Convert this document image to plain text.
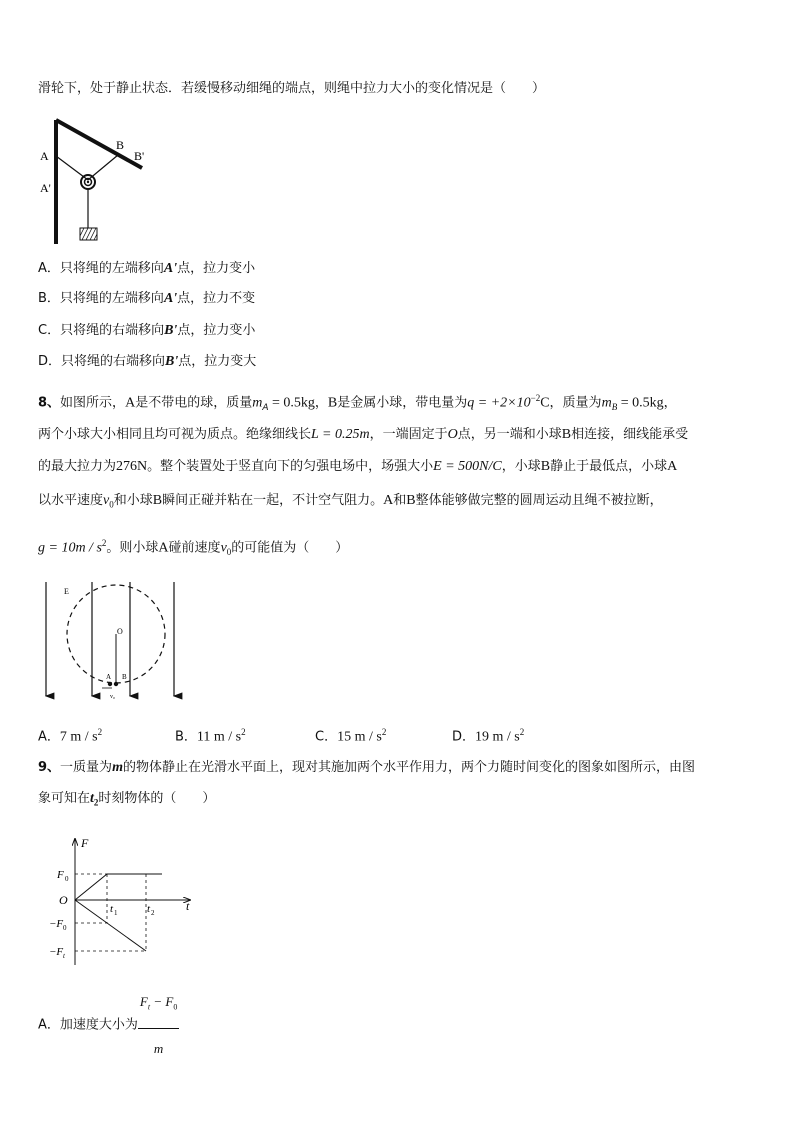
滑轮下，处于静止状态．若缓慢移动细绳的端点，则绳中拉力大小的变化情况是（　　）
A
A'
B
B'
A．只将绳的左端移向A'点，拉力变小
B．只将绳的左端移向A'点，拉力不变
C．只将绳的右端移向B'点，拉力变小
D．只将绳的右端移向B'点，拉力变大
8、如图所示，A是不带电的球，质量$m_A = 0.5kg$，B是金属小球，带电量为$q = +2\times 10^{-2}C$，质量为$m_B = 0.5kg$，
两个小球大小相同且均可视为质点。绝缘细线长L = 0.25m，一端固定于O点，另一端和小球B相连接，细线能承受
的最大拉力为276N。整个装置处于竖直向下的匀强电场中，场强大小E = 500N/C，小球B静止于最低点，小球A
以水平速度$v_0$和小球B瞬间正碰并粘在一起，不计空气阻力。A和B整体能够做完整的圆周运动且绳不被拉断，
$g = 10m / s^2$。则小球A碰前速度$v_0$的可能值为（　　）
E
O
A B
v₀
A．7 m / $s^2$	B．11 m / $s^2$	C．15 m / $s^2$	D．19 m / $s^2$
9、一质量为m的物体静止在光滑水平面上，现对其施加两个水平作用力，两个力随时间变化的图象如图所示，由图
象可知在$t_2$时刻物体的（　　）
F
t
O
F 0
−F 0
−F t
t 1	t 2
A．加速度大小为 $\frac{F_t - F_0}{m}$
